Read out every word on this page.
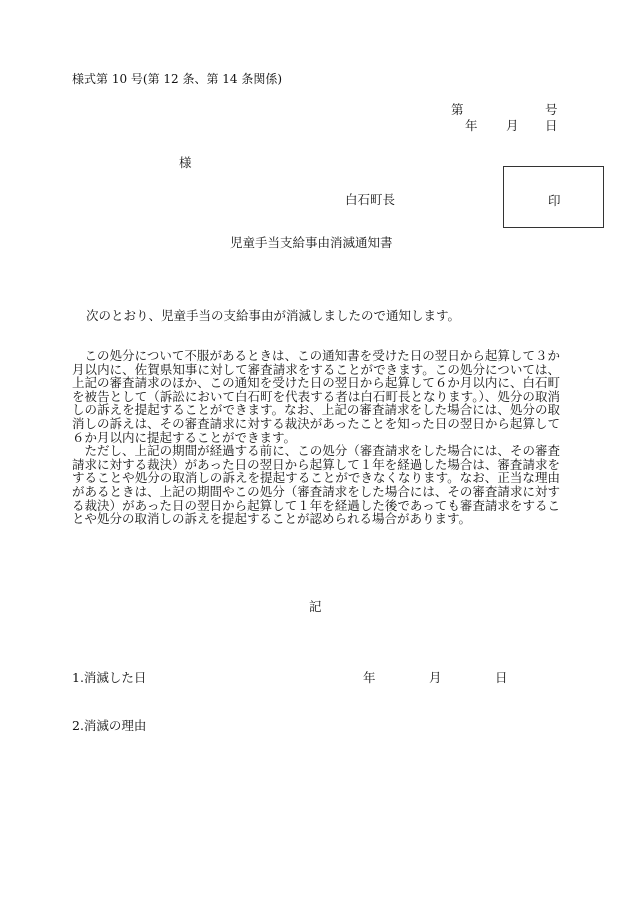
様式第 10 号(第 12 条、第 14 条関係)
第	号
年 月 日
様
白石町長	印
児童手当支給事由消滅通知書
次のとおり、児童手当の支給事由が消滅しましたので通知します。

この処分について不服があるときは、この通知書を受けた日の翌日から起算して３か月以内に、佐賀県知事に対して審査請求をすることができます。この処分については、上記の審査請求のほか、この通知を受けた日の翌日から起算して６か月以内に、白石町を被告として（訴訟において白石町を代表する者は白石町長となります。）、処分の取消しの訴えを提起することができます。なお、上記の審査請求をした場合には、処分の取消しの訴えは、その審査請求に対する裁決があったことを知った日の翌日から起算して６か月以内に提起することができます。

ただし、上記の期間が経過する前に、この処分（審査請求をした場合には、その審査請求に対する裁決）があった日の翌日から起算して１年を経過した場合は、審査請求をすることや処分の取消しの訴えを提起することができなくなります。なお、正当な理由があるときは、上記の期間やこの処分（審査請求をした場合には、その審査請求に対する裁決）があった日の翌日から起算して１年を経過した後であっても審査請求をすることや処分の取消しの訴えを提起することが認められる場合があります。

記
1.消滅した日	年	月	日
2.消滅の理由
